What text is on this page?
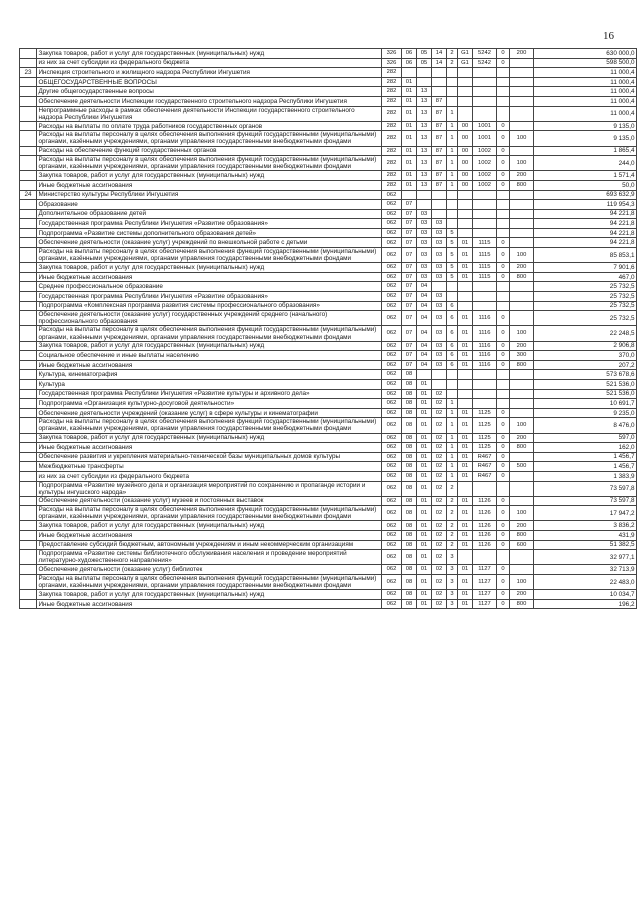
16
	Закупка товаров, работ и услуг для государственных (муниципальных) нужд	326	06	05	14	2	G1	5242	0	200	630 000,0
	из них за счет субсидии из федерального бюджета	326	06	05	14	2	G1	5242	0		598 500,0
23	Инспекция строительного и жилищного надзора Республики Ингушетия	282									11 000,4
	ОБЩЕГОСУДАРСТВЕННЫЕ ВОПРОСЫ	282	01								11 000,4
	Другие общегосударственные вопросы	282	01	13							11 000,4
	Обеспечение деятельности Инспекции государственного строительного надзора Республики Ингушетия	282	01	13	87						11 000,4
	Непрограммные расходы в рамках обеспечения деятельности Инспекции государственного строительного надзора Республики Ингушетия	282	01	13	87	1					11 000,4
	Расходы на выплаты по оплате труда работников государственных органов	282	01	13	87	1	00	1001	0		9 135,0
	Расходы на выплаты персоналу в целях обеспечения выполнения функций государственными (муниципальными) органами, казёнными учреждениями, органами управления государственными внебюджетными фондами	282	01	13	87	1	00	1001	0	100	9 135,0
	Расходы на обеспечение функций государственных органов	282	01	13	87	1	00	1002	0		1 865,4
	Расходы на выплаты персоналу в целях обеспечения выполнения функций государственными (муниципальными) органами, казёнными учреждениями, органами управления государственными внебюджетными фондами	282	01	13	87	1	00	1002	0	100	244,0
	Закупка товаров, работ и услуг для государственных (муниципальных) нужд	282	01	13	87	1	00	1002	0	200	1 571,4
	Иные бюджетные ассигнования	282	01	13	87	1	00	1002	0	800	50,0
24	Министерство культуры Республики Ингушетия	062									693 632,9
	Образование	062	07								119 954,3
	Дополнительное образование детей	062	07	03							94 221,8
	Государственная программа Республики Ингушетия «Развитие образования»	062	07	03	03						94 221,8
	Подпрограмма «Развитие системы дополнительного образования детей»	062	07	03	03	5					94 221,8
	Обеспечение деятельности (оказание услуг) учреждений по внешкольной работе с детьми	062	07	03	03	5	01	1115	0		94 221,8
	Расходы на выплаты персоналу в целях обеспечения выполнения функций государственными (муниципальными) органами, казёнными учреждениями, органами управления государственными внебюджетными фондами	062	07	03	03	5	01	1115	0	100	85 853,1
	Закупка товаров, работ и услуг для государственных (муниципальных) нужд	062	07	03	03	5	01	1115	0	200	7 901,6
	Иные бюджетные ассигнования	062	07	03	03	5	01	1115	0	800	467,0
	Среднее профессиональное образование	062	07	04							25 732,5
	Государственная программа Республики Ингушетия «Развитие образования»	062	07	04	03						25 732,5
	Подпрограмма «Комплексная программа развития системы профессионального образования»	062	07	04	03	6					25 732,5
	Обеспечение деятельности (оказание услуг) государственных учреждений среднего (начального) профессионального образования	062	07	04	03	6	01	1116	0		25 732,5
	Расходы на выплаты персоналу в целях обеспечения выполнения функций государственными (муниципальными) органами, казёнными учреждениями, органами управления государственными внебюджетными фондами	062	07	04	03	6	01	1116	0	100	22 248,5
	Закупка товаров, работ и услуг для государственных (муниципальных) нужд	062	07	04	03	6	01	1116	0	200	2 906,8
	Социальное обеспечение и иные выплаты населению	062	07	04	03	6	01	1116	0	300	370,0
	Иные бюджетные ассигнования	062	07	04	03	6	01	1116	0	800	207,2
	Культура, кинематография	062	08								573 678,6
	Культура	062	08	01							521 536,0
	Государственная программа Республики Ингушетия «Развитие культуры и архивного дела»	062	08	01	02						521 536,0
	Подпрограмма «Организация культурно-досуговой деятельности»	062	08	01	02	1					10 691,7
	Обеспечение деятельности учреждений (оказание услуг) в сфере культуры и кинематографии	062	08	01	02	1	01	1125	0		9 235,0
	Расходы на выплаты персоналу в целях обеспечения выполнения функций государственными (муниципальными) органами, казёнными учреждениями, органами управления государственными внебюджетными фондами	062	08	01	02	1	01	1125	0	100	8 476,0
	Закупка товаров, работ и услуг для государственных (муниципальных) нужд	062	08	01	02	1	01	1125	0	200	597,0
	Иные бюджетные ассигнования	062	08	01	02	1	01	1125	0	800	162,0
	Обеспечение развития и укрепления материально-технической базы муниципальных домов культуры	062	08	01	02	1	01	R467	0		1 456,7
	Межбюджетные трансферты	062	08	01	02	1	01	R467	0	500	1 456,7
	из них за счет субсидии из федерального бюджета	062	08	01	02	1	01	R467	0		1 383,9
	Подпрограмма «Развитие музейного дела и организация мероприятий по сохранению и пропаганде истории и культуры ингушского народа»	062	08	01	02	2					73 597,8
	Обеспечение деятельности (оказание услуг) музеев и постоянных выставок	062	08	01	02	2	01	1126	0		73 597,8
	Расходы на выплаты персоналу в целях обеспечения выполнения функций государственными (муниципальными) органами, казёнными учреждениями, органами управления государственными внебюджетными фондами	062	08	01	02	2	01	1126	0	100	17 947,2
	Закупка товаров, работ и услуг для государственных (муниципальных) нужд	062	08	01	02	2	01	1126	0	200	3 836,2
	Иные бюджетные ассигнования	062	08	01	02	2	01	1126	0	800	431,9
	Предоставление субсидий бюджетным, автономным учреждениям и иным некоммерческим организациям	062	08	01	02	2	01	1126	0	600	51 382,5
	Подпрограмма «Развитие системы библиотечного обслуживания населения и проведение мероприятий литературно-художественного направления»	062	08	01	02	3					32 977,1
	Обеспечение деятельности (оказание услуг) библиотек	062	08	01	02	3	01	1127	0		32 713,9
	Расходы на выплаты персоналу в целях обеспечения выполнения функций государственными (муниципальными) органами, казёнными учреждениями, органами управления государственными внебюджетными фондами	062	08	01	02	3	01	1127	0	100	22 483,0
	Закупка товаров, работ и услуг для государственных (муниципальных) нужд	062	08	01	02	3	01	1127	0	200	10 034,7
	Иные бюджетные ассигнования	062	08	01	02	3	01	1127	0	800	196,2
